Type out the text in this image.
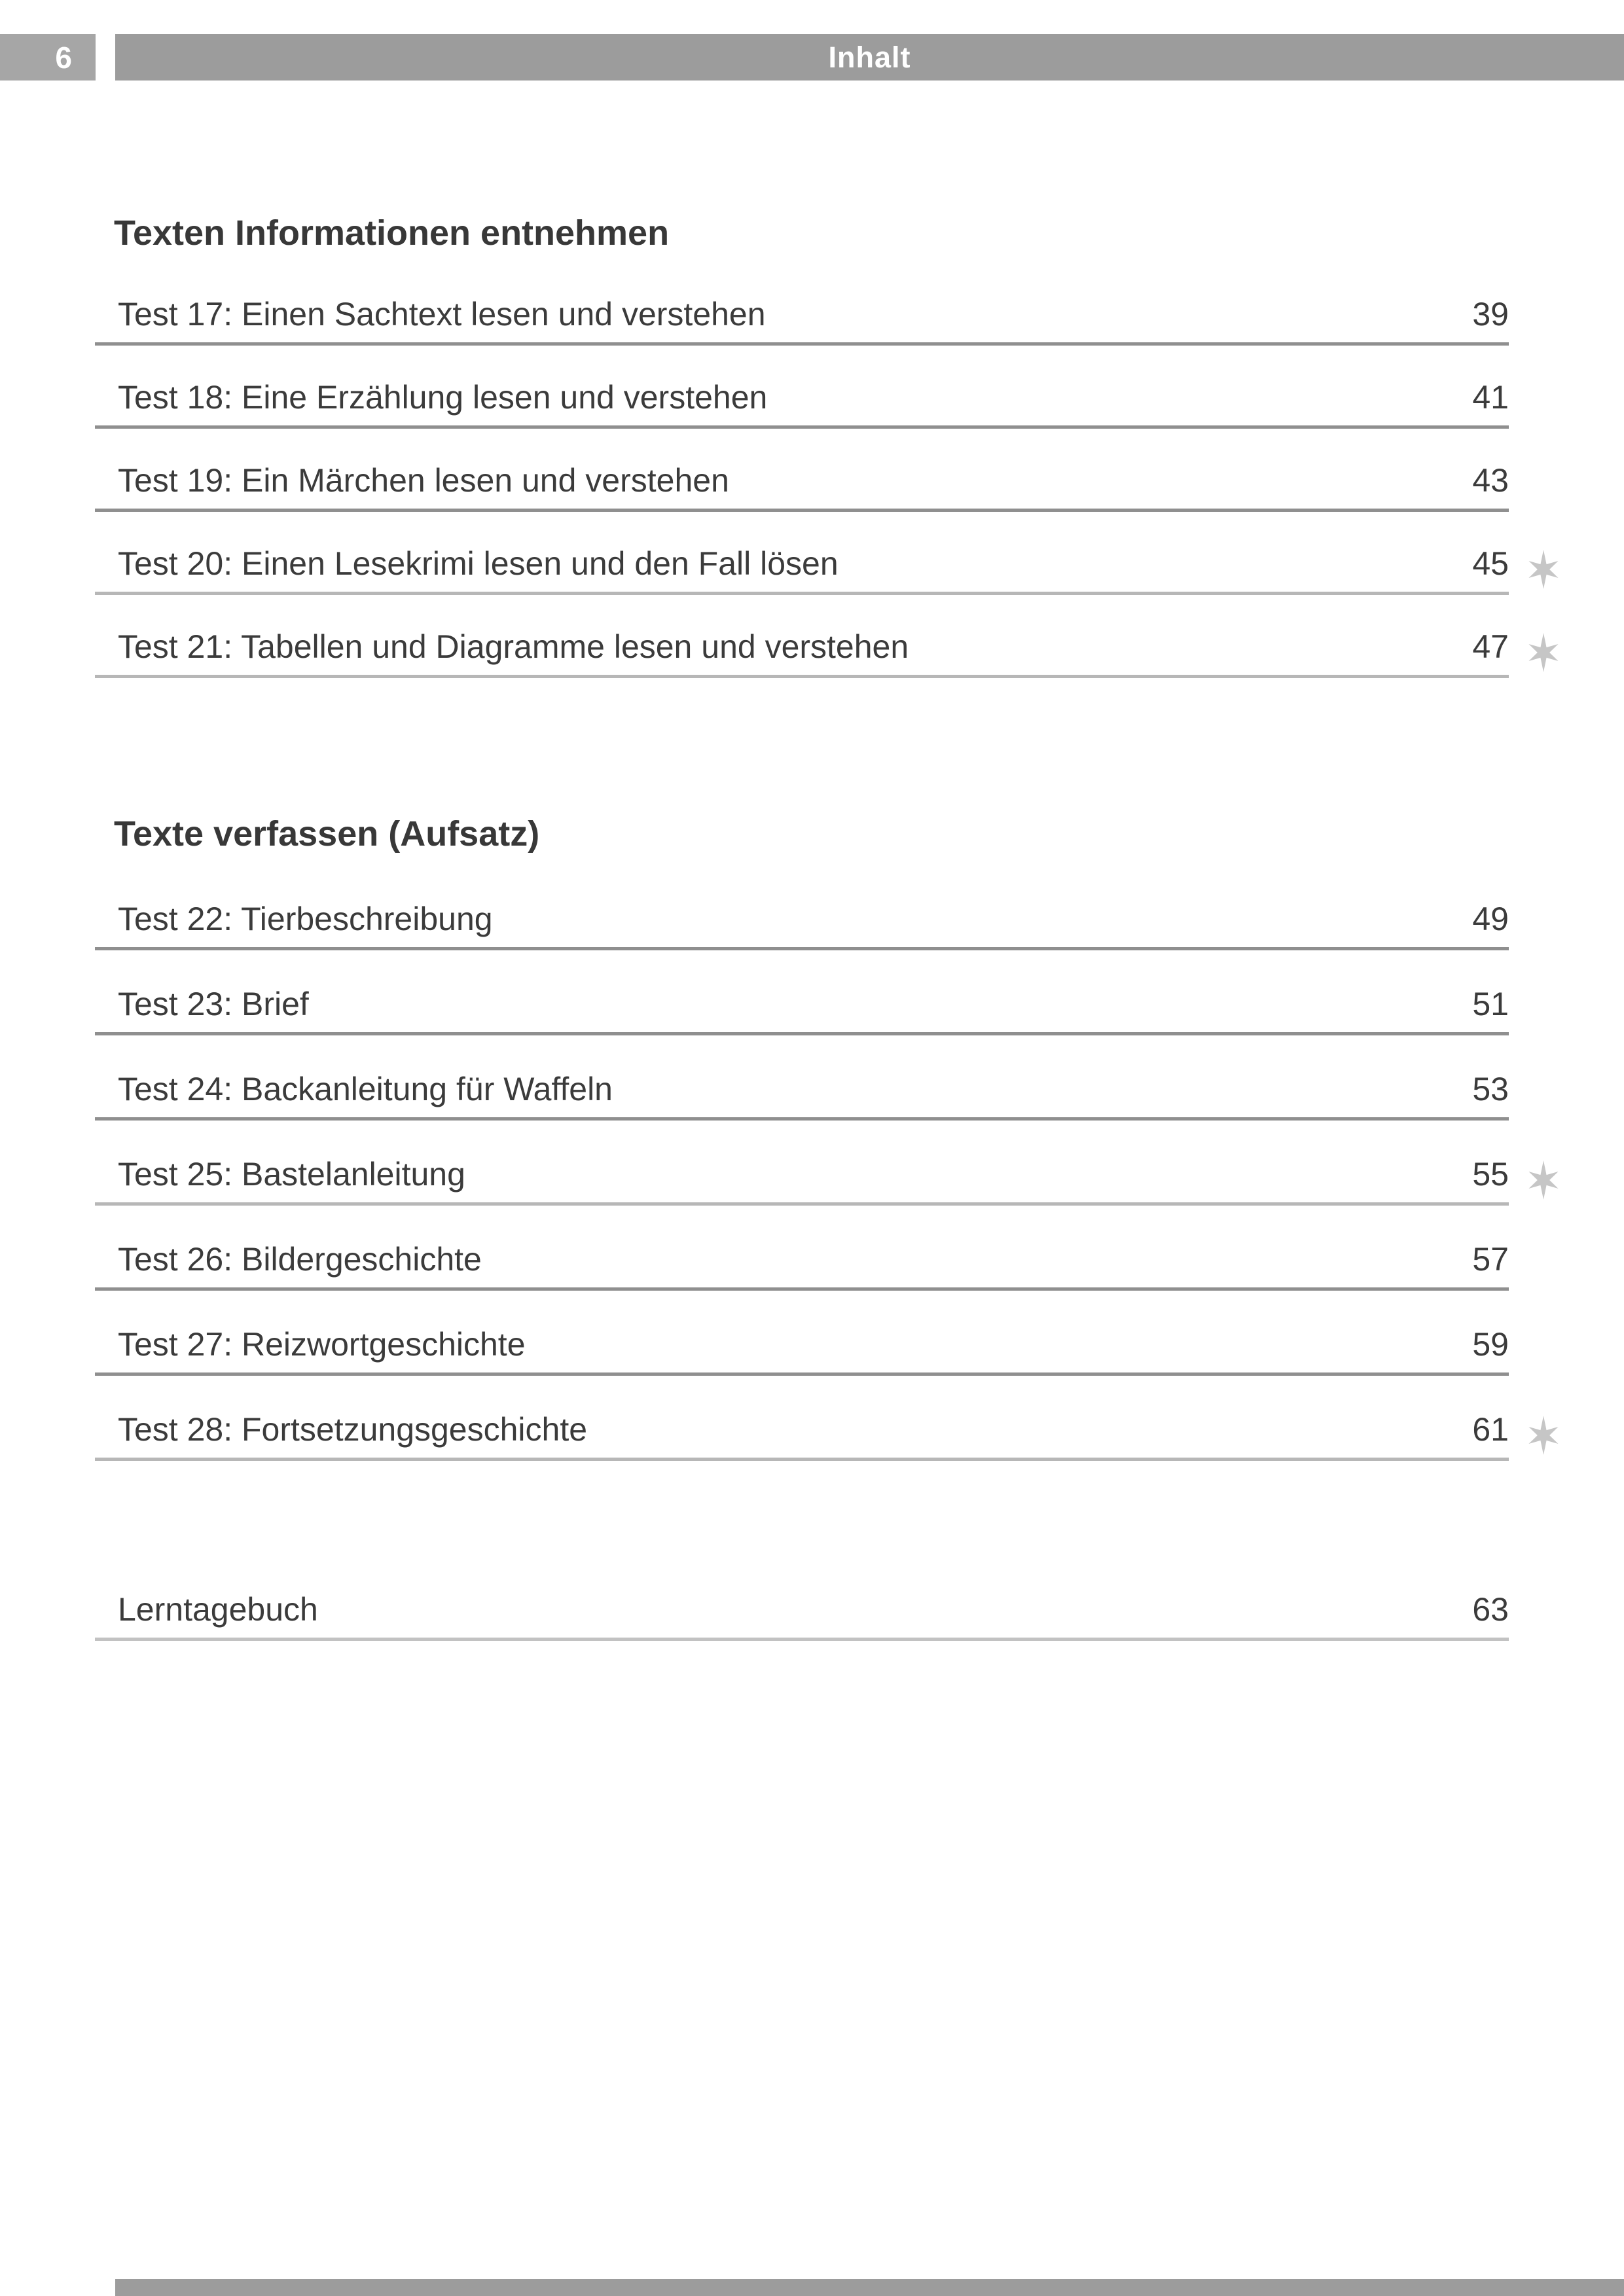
6	Inhalt
Texten Informationen entnehmen
Test 17: Einen Sachtext lesen und verstehen	39
Test 18: Eine Erzählung lesen und verstehen	41
Test 19: Ein Märchen lesen und verstehen	43
Test 20: Einen Lesekrimi lesen und den Fall lösen	45
Test 21: Tabellen und Diagramme lesen und verstehen	47
Texte verfassen (Aufsatz)
Test 22: Tierbeschreibung	49
Test 23: Brief	51
Test 24: Backanleitung für Waffeln	53
Test 25: Bastelanleitung	55
Test 26: Bildergeschichte	57
Test 27: Reizwortgeschichte	59
Test 28: Fortsetzungsgeschichte	61
Lerntagebuch	63
